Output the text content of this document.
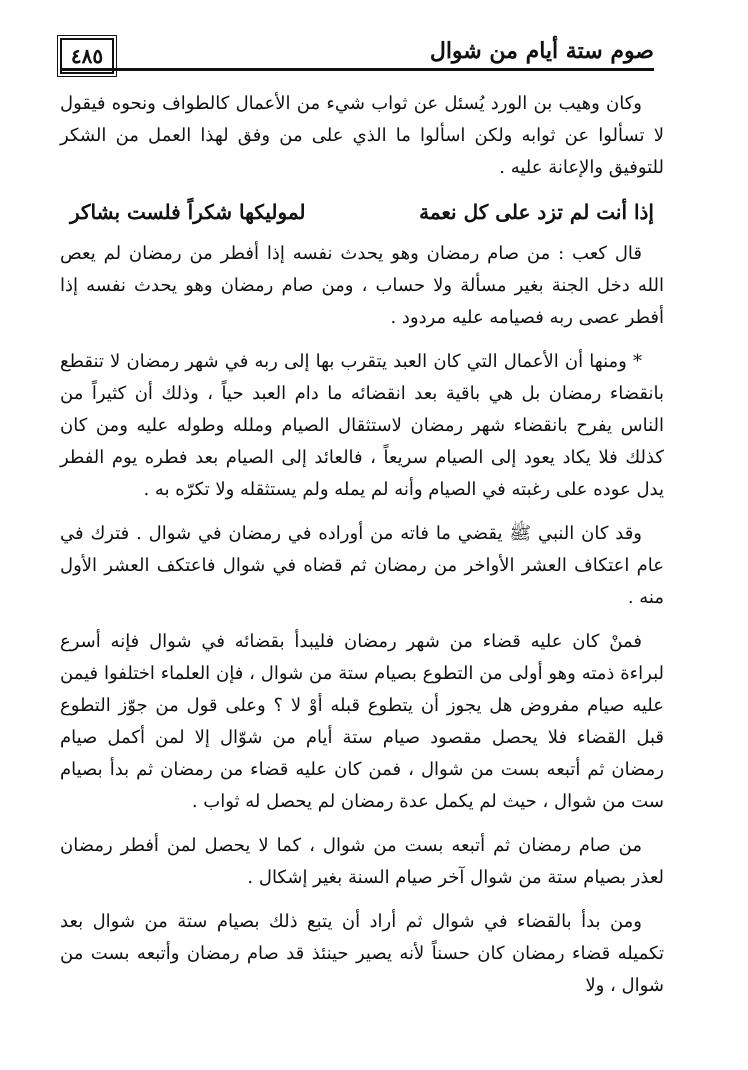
٤٨٥	صوم ستة أيام من شوال

وكان وهيب بن الورد يُسئل عن ثواب شيء من الأعمال كالطواف ونحوه فيقول لا تسألوا عن ثوابه ولكن اسألوا ما الذي على من وفق لهذا العمل من الشكر للتوفيق والإعانة عليه .

إذا أنت لم تزد على كل نعمة
لموليكها شكراً فلست بشاكر

قال كعب : من صام رمضان وهو يحدث نفسه إذا أفطر من رمضان لم يعص الله دخل الجنة بغير مسألة ولا حساب ، ومن صام رمضان وهو يحدث نفسه إذا أفطر عصى ربه فصيامه عليه مردود .

* ومنها أن الأعمال التي كان العبد يتقرب بها إلى ربه في شهر رمضان لا تنقطع بانقضاء رمضان بل هي باقية بعد انقضائه ما دام العبد حياً ، وذلك أن كثيراً من الناس يفرح بانقضاء شهر رمضان لاستثقال الصيام وملله وطوله عليه ومن كان كذلك فلا يكاد يعود إلى الصيام سريعاً ، فالعائد إلى الصيام بعد فطره يوم الفطر يدل عوده على رغبته في الصيام وأنه لم يمله ولم يستثقله ولا تكرّه به .

وقد كان النبي ﷺ يقضي ما فاته من أوراده في رمضان في شوال . فترك في عام اعتكاف العشر الأواخر من رمضان ثم قضاه في شوال فاعتكف العشر الأول منه .

فمنْ كان عليه قضاء من شهر رمضان فليبدأ بقضائه في شوال فإنه أسرع لبراءة ذمته وهو أولى من التطوع بصيام ستة من شوال ، فإن العلماء اختلفوا فيمن عليه صيام مفروض هل يجوز أن يتطوع قبله أوْ لا ؟ وعلى قول من جوّز التطوع قبل القضاء فلا يحصل مقصود صيام ستة أيام من شوّال إلا لمن أكمل صيام رمضان ثم أتبعه بست من شوال ، فمن كان عليه قضاء من رمضان ثم بدأ بصيام ست من شوال ، حيث لم يكمل عدة رمضان لم يحصل له ثواب .

من صام رمضان ثم أتبعه بست من شوال ، كما لا يحصل لمن أفطر رمضان لعذر بصيام ستة من شوال آخر صيام السنة بغير إشكال .

ومن بدأ بالقضاء في شوال ثم أراد أن يتبع ذلك بصيام ستة من شوال بعد تكميله قضاء رمضان كان حسناً لأنه يصير حينئذ قد صام رمضان وأتبعه بست من شوال ، ولا
